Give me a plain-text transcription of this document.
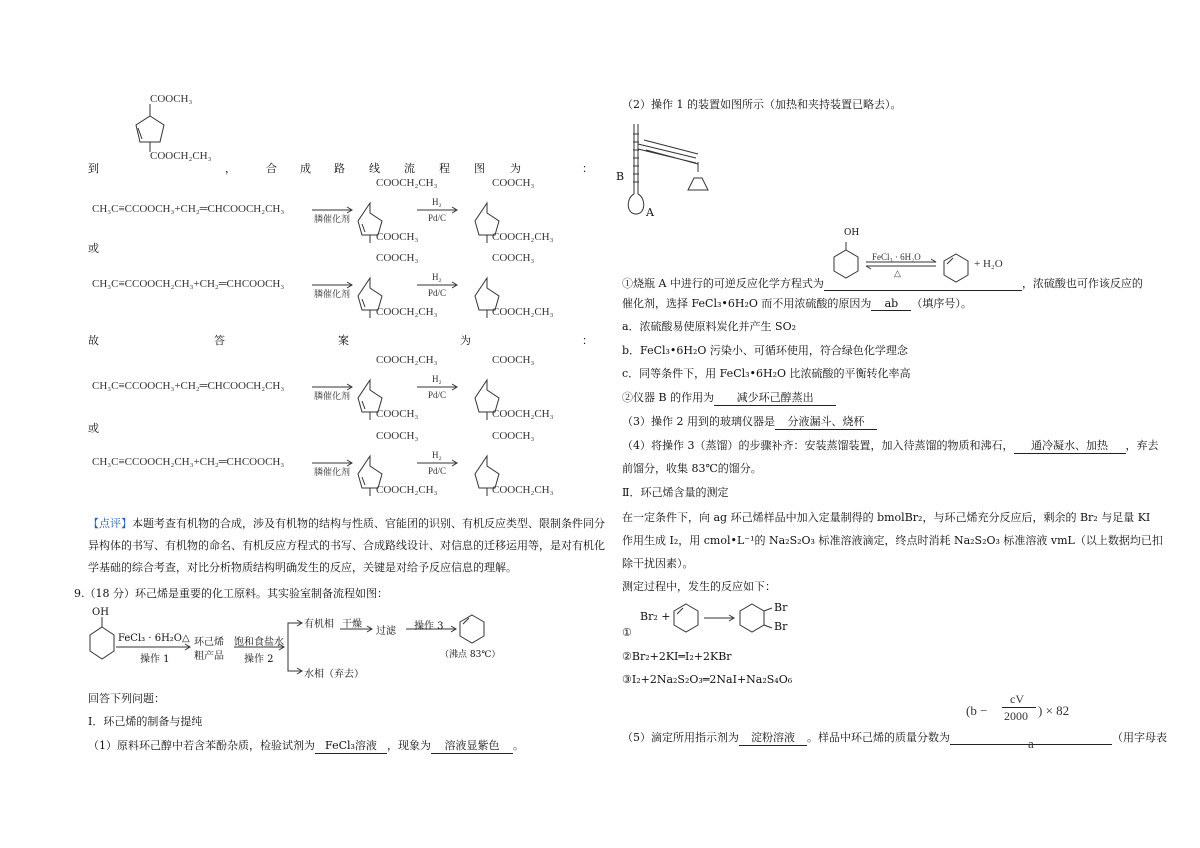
COOCH₃
COOCH₂CH₃
到	，	合 成 路 线 流 程 图 为	：
CH₃C≡CCOOCH₃+CH₂═CHCOOCH₂CH₃
膦催化剂
COOCH₂CH₃
COOCH₃
H₂
Pd/C
COOCH₃
COOCH₂CH₃
或
CH₃C≡CCOOCH₂CH₃+CH₂═CHCOOCH₃
膦催化剂
COOCH₃
COOCH₂CH₃
H₂
Pd/C
COOCH₃
COOCH₂CH₃
故	答	案	为	：
CH₃C≡CCOOCH₃+CH₂═CHCOOCH₂CH₃
膦催化剂
COOCH₂CH₃
COOCH₃
H₂
Pd/C
COOCH₃
COOCH₂CH₃
或
CH₃C≡CCOOCH₂CH₃+CH₂═CHCOOCH₃
膦催化剂
COOCH₃
COOCH₂CH₃
H₂
Pd/C
COOCH₃
COOCH₂CH₃
【点评】本题考查有机物的合成，涉及有机物的结构与性质、官能团的识别、有机反应类型、限制条件同分
异构体的书写、有机物的命名、有机反应方程式的书写、合成路线设计、对信息的迁移运用等，是对有机化
学基础的综合考查，对比分析物质结构明确发生的反应，关键是对给予反应信息的理解。
9.（18 分）环己烯是重要的化工原料。其实验室制备流程如图：
OH
FeCl₃ · 6H₂O△
操作 1
环己烯
粗产品
饱和食盐水
操作 2
有机相 干燥
过滤 操作 3
（沸点 83℃）
水相（弃去）
回答下列问题：
Ⅰ．环己烯的制备与提纯
（1）原料环己醇中若含苯酚杂质，检验试剂为 FeCl₃溶液 ，现象为 溶液显紫色 。
（2）操作 1 的装置如图所示（加热和夹持装置已略去）。
B
A
OH
FeCl₃ · 6H₂O
△
+ H₂O
①烧瓶 A 中进行的可逆反应化学方程式为	，浓硫酸也可作该反应的
催化剂，选择 FeCl₃•6H₂O 而不用浓硫酸的原因为 ab （填序号）。
a．浓硫酸易使原料炭化并产生 SO₂
b．FeCl₃•6H₂O 污染小、可循环使用，符合绿色化学理念
c．同等条件下，用 FeCl₃•6H₂O 比浓硫酸的平衡转化率高
②仪器 B 的作用为 减少环己醇蒸出
（3）操作 2 用到的玻璃仪器是 分液漏斗、烧杯
（4）将操作 3（蒸馏）的步骤补齐：安装蒸馏装置，加入待蒸馏的物质和沸石， 通冷凝水、加热 ，弃去
前馏分，收集 83℃的馏分。
Ⅱ．环己烯含量的测定
在一定条件下，向 ag 环己烯样品中加入定量制得的 bmolBr₂，与环己烯充分反应后，剩余的 Br₂ 与足量 KI
作用生成 I₂，用 cmol•L⁻¹的 Na₂S₂O₃ 标准溶液滴定，终点时消耗 Na₂S₂O₃ 标准溶液 vmL（以上数据均已扣
除干扰因素）。
测定过程中，发生的反应如下：
Br₂ +
Br
Br
①
②Br₂+2KI═I₂+2KBr
③I₂+2Na₂S₂O₃═2NaI+Na₂S₄O₆
（5）滴定所用指示剂为 淀粉溶液 。样品中环己烯的质量分数为	（用字母表
(b −
cV
2000 ) × 82
a
